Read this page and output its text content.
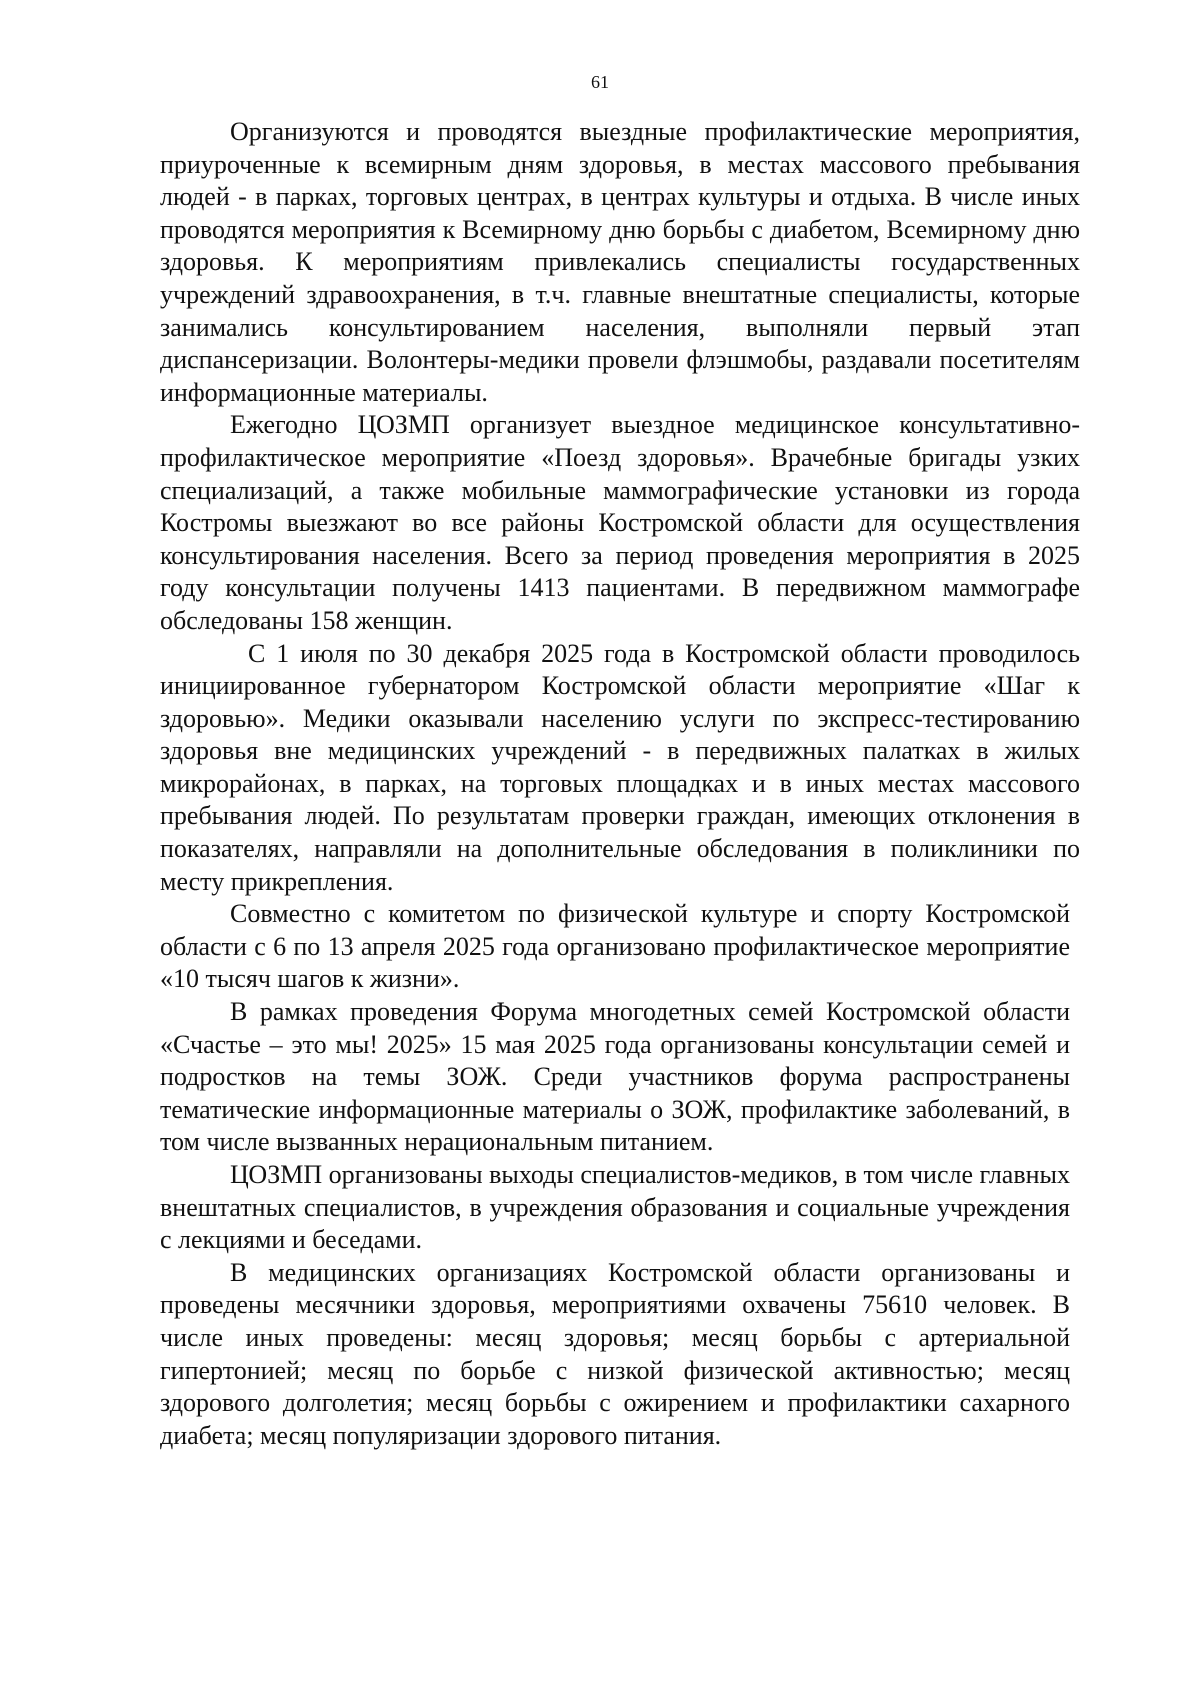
61

Организуются и проводятся выездные профилактические мероприятия, приуроченные к всемирным дням здоровья, в местах массового пребывания людей - в парках, торговых центрах, в центрах культуры и отдыха. В числе иных проводятся мероприятия к Всемирному дню борьбы с диабетом, Всемирному дню здоровья. К мероприятиям привлекались специалисты государственных учреждений здравоохранения, в т.ч. главные внештатные специалисты, которые занимались консультированием населения, выполняли первый этап диспансеризации. Волонтеры-медики провели флэшмобы, раздавали посетителям информационные материалы.

Ежегодно ЦОЗМП организует выездное медицинское консультативно-профилактическое мероприятие «Поезд здоровья». Врачебные бригады узких специализаций, а также мобильные маммографические установки из города Костромы выезжают во все районы Костромской области для осуществления консультирования населения. Всего за период проведения мероприятия в 2025 году консультации получены 1413 пациентами. В передвижном маммографе обследованы 158 женщин.

С 1 июля по 30 декабря 2025 года в Костромской области проводилось инициированное губернатором Костромской области мероприятие «Шаг к здоровью». Медики оказывали населению услуги по экспресс-тестированию здоровья вне медицинских учреждений - в передвижных палатках в жилых микрорайонах, в парках, на торговых площадках и в иных местах массового пребывания людей. По результатам проверки граждан, имеющих отклонения в показателях, направляли на дополнительные обследования в поликлиники по месту прикрепления.

Совместно с комитетом по физической культуре и спорту Костромской области с 6 по 13 апреля 2025 года организовано профилактическое мероприятие «10 тысяч шагов к жизни».

В рамках проведения Форума многодетных семей Костромской области «Счастье – это мы! 2025» 15 мая 2025 года организованы консультации семей и подростков на темы ЗОЖ. Среди участников форума распространены тематические информационные материалы о ЗОЖ, профилактике заболеваний, в том числе вызванных нерациональным питанием.

ЦОЗМП организованы выходы специалистов-медиков, в том числе главных внештатных специалистов, в учреждения образования и социальные учреждения с лекциями и беседами.

В медицинских организациях Костромской области организованы и проведены месячники здоровья, мероприятиями охвачены 75610 человек. В числе иных проведены: месяц здоровья; месяц борьбы с артериальной гипертонией; месяц по борьбе с низкой физической активностью; месяц здорового долголетия; месяц борьбы с ожирением и профилактики сахарного диабета; месяц популяризации здорового питания.
